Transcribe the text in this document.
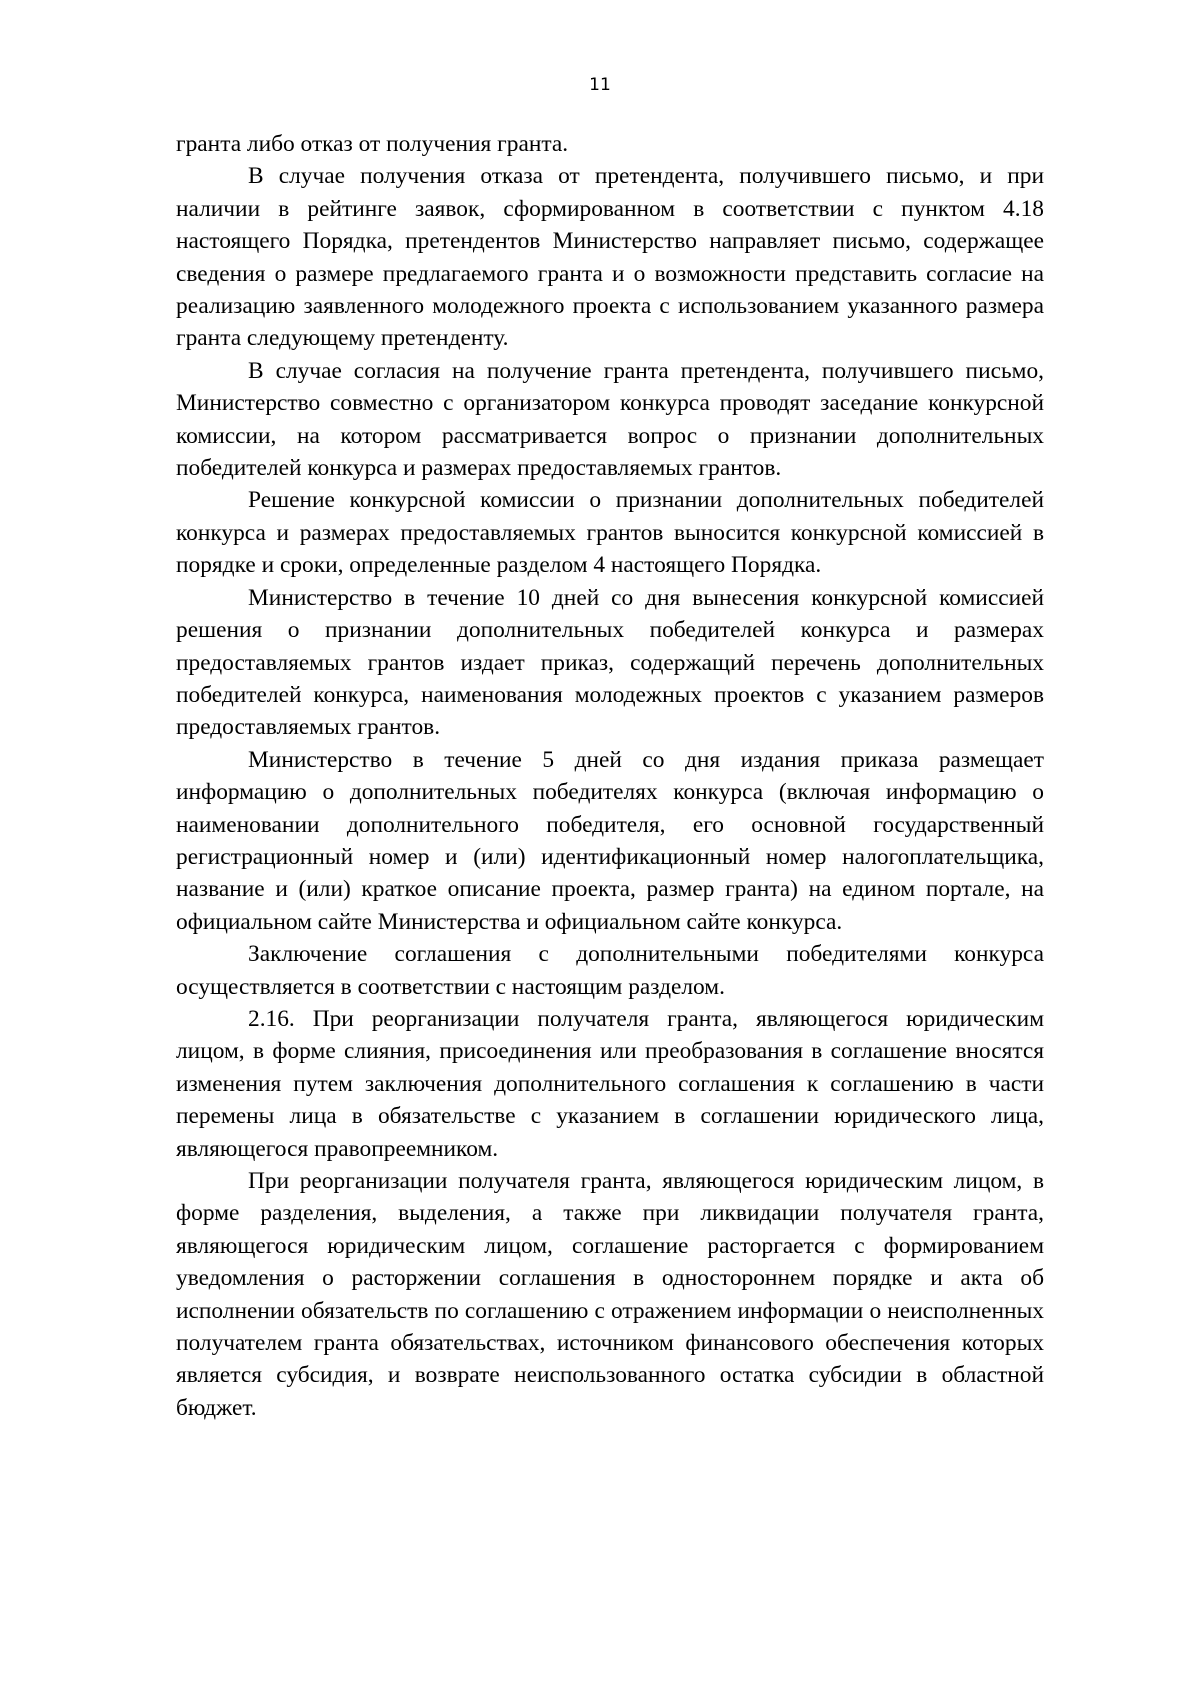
11

гранта либо отказ от получения гранта.

В случае получения отказа от претендента, получившего письмо, и при наличии в рейтинге заявок, сформированном в соответствии с пунктом 4.18 настоящего Порядка, претендентов Министерство направляет письмо, содержащее сведения о размере предлагаемого гранта и о возможности представить согласие на реализацию заявленного молодежного проекта с использованием указанного размера гранта следующему претенденту.

В случае согласия на получение гранта претендента, получившего письмо, Министерство совместно с организатором конкурса проводят заседание конкурсной комиссии, на котором рассматривается вопрос о признании дополнительных победителей конкурса и размерах предоставляемых грантов.

Решение конкурсной комиссии о признании дополнительных победителей конкурса и размерах предоставляемых грантов выносится конкурсной комиссией в порядке и сроки, определенные разделом 4 настоящего Порядка.

Министерство в течение 10 дней со дня вынесения конкурсной комиссией решения о признании дополнительных победителей конкурса и размерах предоставляемых грантов издает приказ, содержащий перечень дополнительных победителей конкурса, наименования молодежных проектов с указанием размеров предоставляемых грантов.

Министерство в течение 5 дней со дня издания приказа размещает информацию о дополнительных победителях конкурса (включая информацию о наименовании дополнительного победителя, его основной государственный регистрационный номер и (или) идентификационный номер налогоплательщика, название и (или) краткое описание проекта, размер гранта) на едином портале, на официальном сайте Министерства и официальном сайте конкурса.

Заключение соглашения с дополнительными победителями конкурса осуществляется в соответствии с настоящим разделом.

2.16. При реорганизации получателя гранта, являющегося юридическим лицом, в форме слияния, присоединения или преобразования в соглашение вносятся изменения путем заключения дополнительного соглашения к соглашению в части перемены лица в обязательстве с указанием в соглашении юридического лица, являющегося правопреемником.

При реорганизации получателя гранта, являющегося юридическим лицом, в форме разделения, выделения, а также при ликвидации получателя гранта, являющегося юридическим лицом, соглашение расторгается с формированием уведомления о расторжении соглашения в одностороннем порядке и акта об исполнении обязательств по соглашению с отражением информации о неисполненных получателем гранта обязательствах, источником финансового обеспечения которых является субсидия, и возврате неиспользованного остатка субсидии в областной бюджет.
